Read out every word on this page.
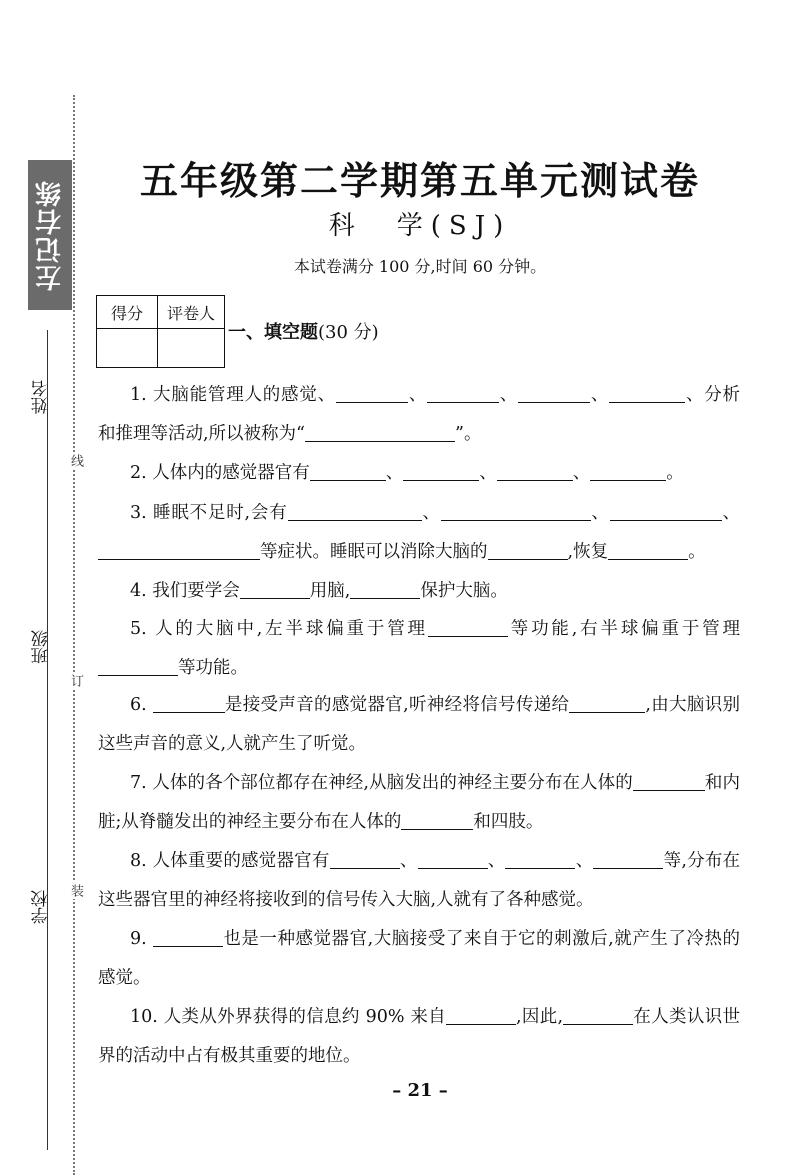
左记右练
线
订
装
姓名
班级
学校
五年级第二学期第五单元测试卷
科　学(SJ)
本试卷满分 100 分,时间 60 分钟。
得分	评卷人

一、填空题(30 分)
1. 大脑能管理人的感觉、	、	、	、	、分析和推理等活动,所以被称为“	”。
2. 人体内的感觉器官有	、	、	、	。
3. 睡眠不足时,会有	、	、	、等症状。睡眠可以消除大脑的	,恢复	。
4. 我们要学会	用脑,	保护大脑。
5. 人的大脑中,左半球偏重于管理	等功能,右半球偏重于管理等功能。
6.	是接受声音的感觉器官,听神经将信号传递给	,由大脑识别这些声音的意义,人就产生了听觉。
7. 人体的各个部位都存在神经,从脑发出的神经主要分布在人体的	和内脏;从脊髓发出的神经主要分布在人体的	和四肢。
8. 人体重要的感觉器官有	、	、	、	等,分布在这些器官里的神经将接收到的信号传入大脑,人就有了各种感觉。
9.	也是一种感觉器官,大脑接受了来自于它的刺激后,就产生了冷热的感觉。
10. 人类从外界获得的信息约 90% 来自	,因此,	在人类认识世界的活动中占有极其重要的地位。
– 21 –
